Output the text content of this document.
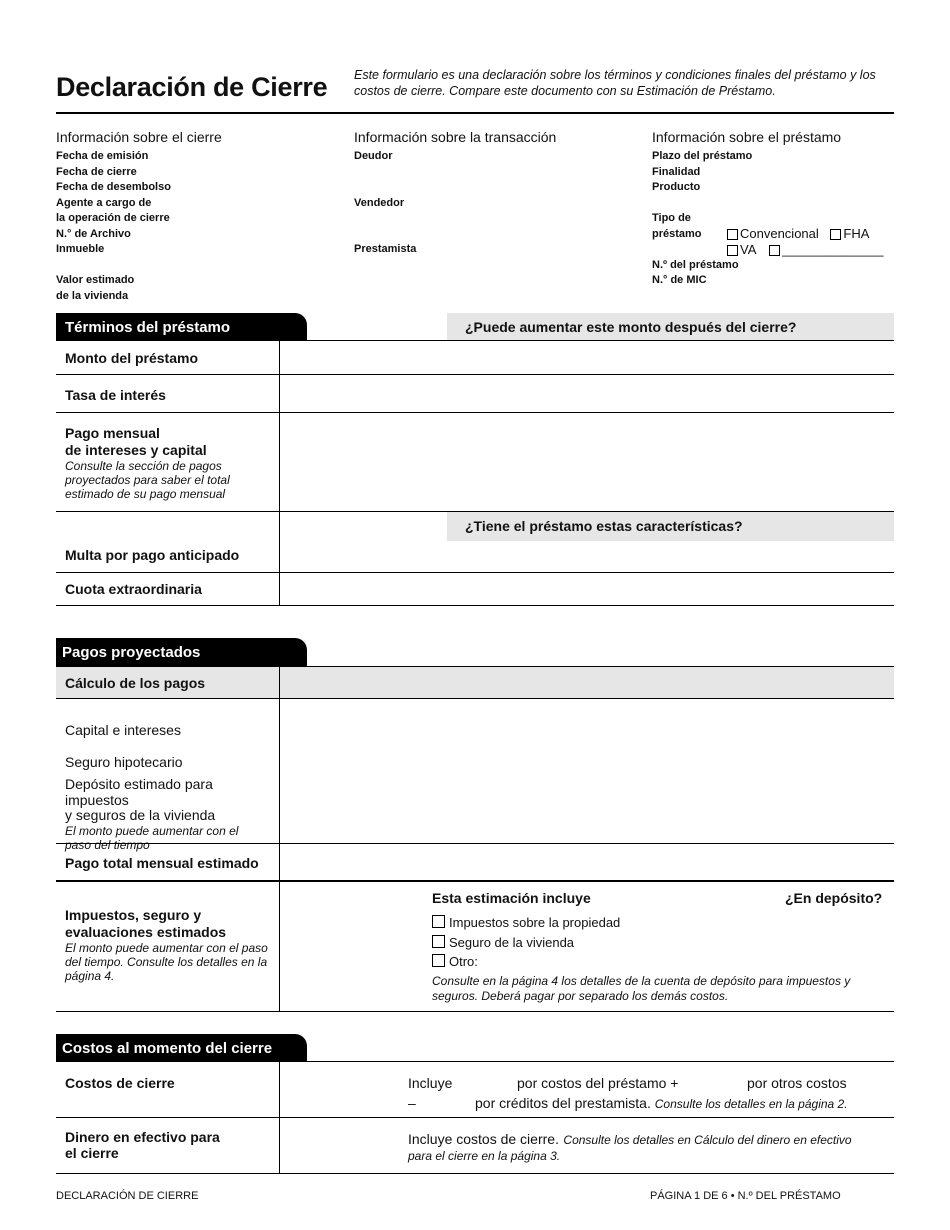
Declaración de Cierre Este formulario es una declaración sobre los términos y condiciones finales del préstamo y los costos de cierre. Compare este documento con su Estimación de Préstamo.
Información sobre el cierre
Fecha de emisión
Fecha de cierre
Fecha de desembolso
Agente a cargo de
la operación de cierre
N.° de Archivo
Inmueble
Valor estimado
de la vivienda
Información sobre la transacción
Deudor
Vendedor
Prestamista
Información sobre el préstamo
Plazo del préstamo
Finalidad
Producto
Tipo de
préstamo
N.º del préstamo
N.° de MIC
Convencional FHA
VA ______________
Términos del préstamo	¿Puede aumentar este monto después del cierre?
Monto del préstamo
Tasa de interés
Pago mensual
de intereses y capital
Consulte la sección de pagos proyectados para saber el total estimado de su pago mensual
¿Tiene el préstamo estas características?
Multa por pago anticipado
Cuota extraordinaria
Pagos proyectados
Cálculo de los pagos
Capital e intereses
Seguro hipotecario
Depósito estimado para impuestos
y seguros de la vivienda
El monto puede aumentar con el paso del tiempo
Pago total mensual estimado
Impuestos, seguro y
evaluaciones estimados
El monto puede aumentar con el paso del tiempo. Consulte los detalles en la página 4.
Esta estimación incluye	¿En depósito?
Impuestos sobre la propiedad
Seguro de la vivienda
Otro:
Consulte en la página 4 los detalles de la cuenta de depósito para impuestos y seguros. Deberá pagar por separado los demás costos.
Costos al momento del cierre
Costos de cierre	Incluye	por costos del préstamo +	por otros costos
–	por créditos del prestamista. Consulte los detalles en la página 2.
Dinero en efectivo para
el cierre
Incluye costos de cierre. Consulte los detalles en Cálculo del dinero en efectivo
para el cierre en la página 3.
DECLARACIÓN DE CIERRE	PÁGINA 1 DE 6 • N.º DEL PRÉSTAMO
